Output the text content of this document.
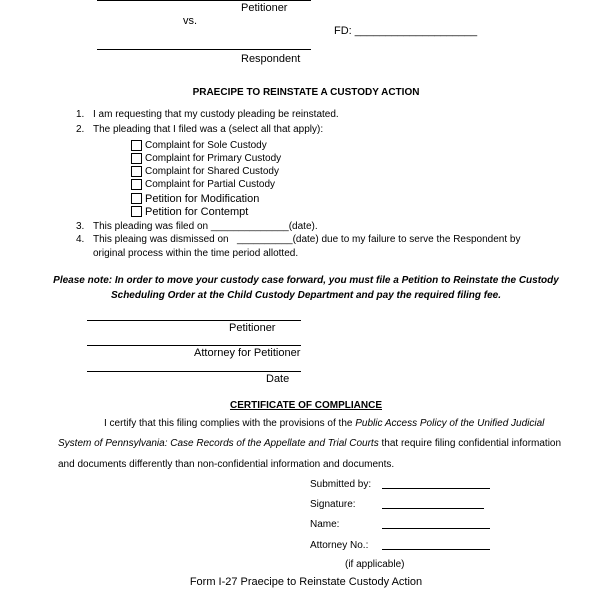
Petitioner
vs.
FD: ____________________
Respondent
PRAECIPE TO REINSTATE A CUSTODY ACTION
1. I am requesting that my custody pleading be reinstated.
2. The pleading that I filed was a (select all that apply):
Complaint for Sole Custody
Complaint for Primary Custody
Complaint for Shared Custody
Complaint for Partial Custody
Petition for Modification
Petition for Contempt
3. This pleading was filed on ______________(date).
4. This pleaing was dismissed on   __________(date) due to my failure to serve the Respondent by
original process within the time period allotted.
Please note: In order to move your custody case forward, you must file a Petition to Reinstate the Custody
Scheduling Order at the Child Custody Department and pay the required filing fee.
Petitioner
Attorney for Petitioner
Date
CERTIFICATE OF COMPLIANCE
I certify that this filing complies with the provisions of the Public Access Policy of the Unified Judicial
System of Pennsylvania: Case Records of the Appellate and Trial Courts that require filing confidential information
and documents differently than non-confidential information and documents.
Submitted by:
Signature:
Name:
Attorney No.:
(if applicable)
Form I-27 Praecipe to Reinstate Custody Action
